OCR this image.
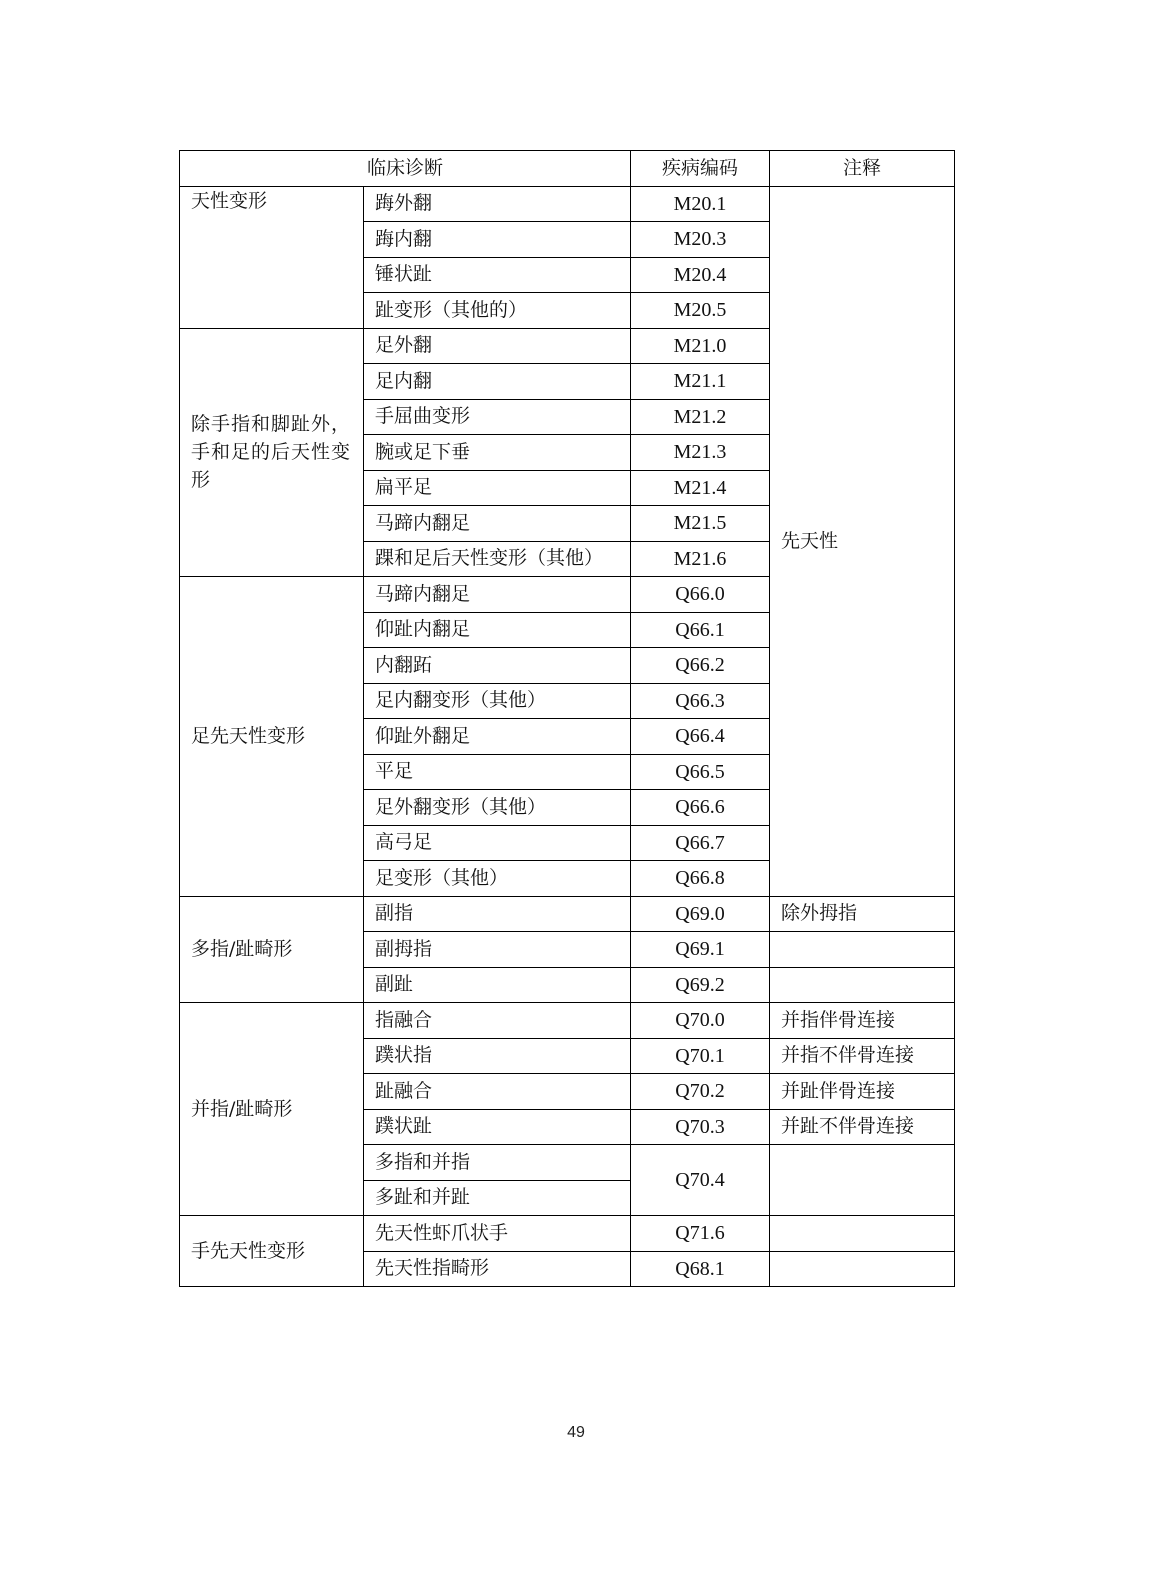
临床诊断		疾病编码	注释
天性变形	踇外翻	M20.1	先天性
	踇内翻	M20.3	
	锤状趾	M20.4	
	趾变形（其他的）	M20.5	
除手指和脚趾外，手和足的后天性变形	足外翻	M21.0	
	足内翻	M21.1	
	手屈曲变形	M21.2	
	腕或足下垂	M21.3	
	扁平足	M21.4	
	马蹄内翻足	M21.5	
	踝和足后天性变形（其他）	M21.6	
足先天性变形	马蹄内翻足	Q66.0	
	仰趾内翻足	Q66.1	
	内翻跖	Q66.2	
	足内翻变形（其他）	Q66.3	
	仰趾外翻足	Q66.4	
	平足	Q66.5	
	足外翻变形（其他）	Q66.6	
	高弓足	Q66.7	
	足变形（其他）	Q66.8	
多指/趾畸形	副指	Q69.0	除外拇指
	副拇指	Q69.1	
	副趾	Q69.2	
并指/趾畸形	指融合	Q70.0	并指伴骨连接
	蹼状指	Q70.1	并指不伴骨连接
	趾融合	Q70.2	并趾伴骨连接
	蹼状趾	Q70.3	并趾不伴骨连接
	多指和并指	Q70.4	
	多趾和并趾		
手先天性变形	先天性虾爪状手	Q71.6	
	先天性指畸形	Q68.1	
49
